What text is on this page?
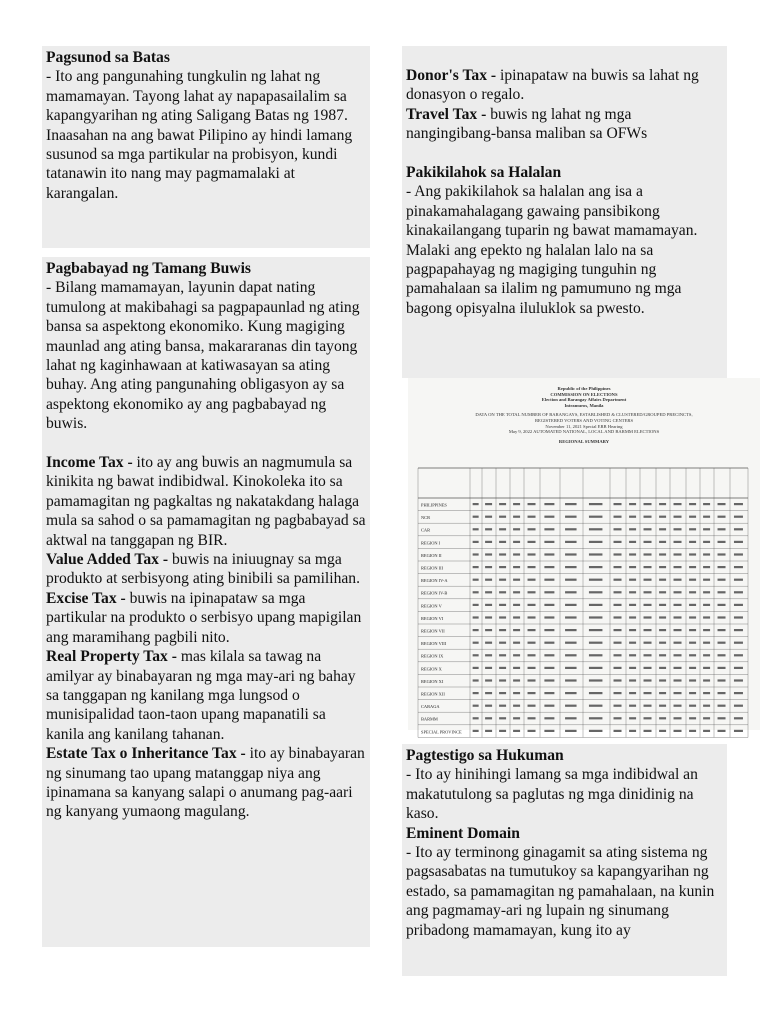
Pagsunod sa Batas

- Ito ang pangunahing tungkulin ng lahat ng mamamayan. Tayong lahat ay napapasailalim sa kapangyarihan ng ating Saligang Batas ng 1987. Inaasahan na ang bawat Pilipino ay hindi lamang susunod sa mga partikular na probisyon, kundi tatanawin ito nang may pagmamalaki at karangalan.

Pagbabayad ng Tamang Buwis

- Bilang mamamayan, layunin dapat nating tumulong at makibahagi sa pagpapaunlad ng ating bansa sa aspektong ekonomiko. Kung magiging maunlad ang ating bansa, makararanas din tayong lahat ng kaginhawaan at katiwasayan sa ating buhay. Ang ating pangunahing obligasyon ay sa aspektong ekonomiko ay ang pagbabayad ng buwis.

Income Tax - ito ay ang buwis an nagmumula sa kinikita ng bawat indibidwal. Kinokoleka ito sa pamamagitan ng pagkaltas ng nakatakdang halaga mula sa sahod o sa pamamagitan ng pagbabayad sa aktwal na tanggapan ng BIR.

Value Added Tax - buwis na iniuugnay sa mga produkto at serbisyong ating binibili sa pamilihan.

Excise Tax - buwis na ipinapataw sa mga partikular na produkto o serbisyo upang mapigilan ang maramihang pagbili nito.

Real Property Tax - mas kilala sa tawag na amilyar ay binabayaran ng mga may-ari ng bahay sa tanggapan ng kanilang mga lungsod o munisipalidad taon-taon upang mapanatili sa kanila ang kanilang tahanan.

Estate Tax o Inheritance Tax - ito ay binabayaran ng sinumang tao upang matanggap niya ang ipinamana sa kanyang salapi o anumang pag-aari ng kanyang yumaong magulang.

Donor's Tax - ipinapataw na buwis sa lahat ng donasyon o regalo.

Travel Tax - buwis ng lahat ng mga nangingibang-bansa maliban sa OFWs

Pakikilahok sa Halalan

- Ang pakikilahok sa halalan ang isa a pinakamahalagang gawaing pansibikong kinakailangang tuparin ng bawat mamamayan. Malaki ang epekto ng halalan lalo na sa pagpapahayag ng magiging tunguhin ng pamahalaan sa ilalim ng pamumuno ng mga bagong opisyalna iluluklok sa pwesto.

Republic of the Philippines
COMMISSION ON ELECTIONS
Election and Barangay Affairs Department
Intramuros, Manila
DATA ON THE TOTAL NUMBER OF BARANGAYS, ESTABLISHED & CLUSTERED/GROUPED PRECINCTS,
REGISTERED VOTERS AND VOTING CENTERS
November 11, 2021 Special ERB Hearing
May 9, 2022 AUTOMATED NATIONAL, LOCAL AND BARMM ELECTIONS
REGIONAL SUMMARY
PHILIPPINES
NCR
CAR
REGION I
REGION II
REGION III
REGION IV-A
REGION IV-B
REGION V
REGION VI
REGION VII
REGION VIII
REGION IX
REGION X
REGION XI
REGION XII
CARAGA
BARMM
SPECIAL PROVINCE

Pagtestigo sa Hukuman

- Ito ay hinihingi lamang sa mga indibidwal an makatutulong sa paglutas ng mga dinidinig na kaso.

Eminent Domain

- Ito ay terminong ginagamit sa ating sistema ng pagsasabatas na tumutukoy sa kapangyarihan ng estado, sa pamamagitan ng pamahalaan, na kunin ang pagmamay-ari ng lupain ng sinumang

pribadong mamamayan, kung ito ay
